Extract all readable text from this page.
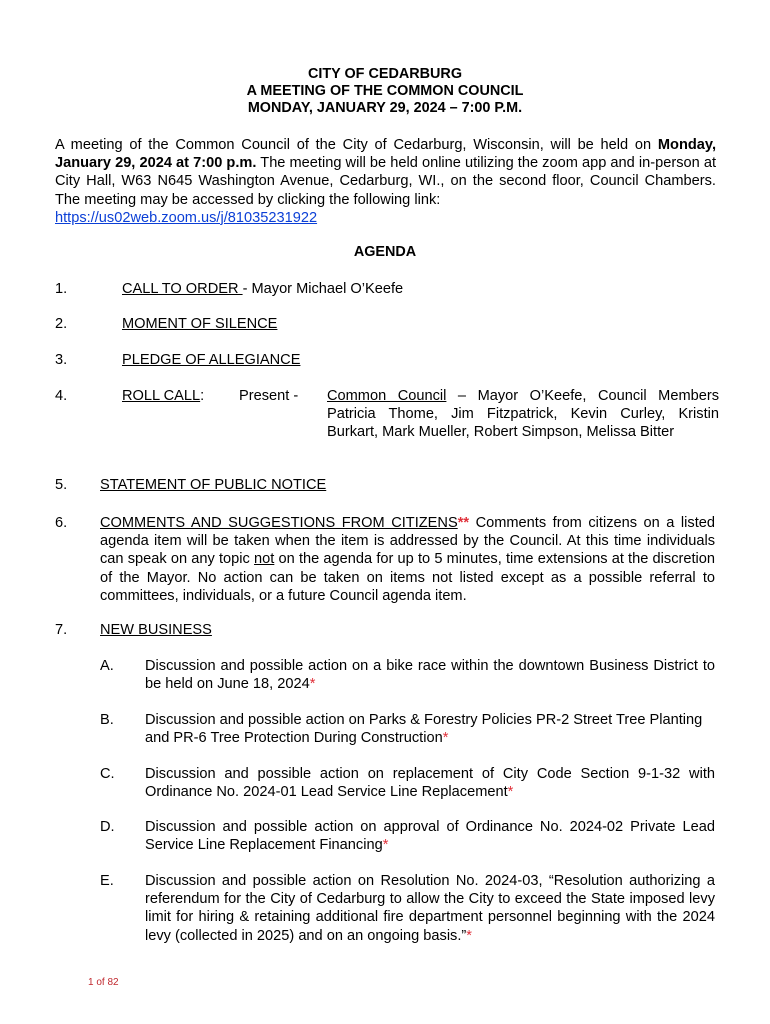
CITY OF CEDARBURG
A MEETING OF THE COMMON COUNCIL
MONDAY, JANUARY 29, 2024 – 7:00 P.M.
A meeting of the Common Council of the City of Cedarburg, Wisconsin, will be held on Monday, January 29, 2024 at 7:00 p.m. The meeting will be held online utilizing the zoom app and in-person at City Hall, W63 N645 Washington Avenue, Cedarburg, WI., on the second floor, Council Chambers. The meeting may be accessed by clicking the following link:
https://us02web.zoom.us/j/81035231922
AGENDA
1.	CALL TO ORDER - Mayor Michael O’Keefe
2.	MOMENT OF SILENCE
3.	PLEDGE OF ALLEGIANCE
4.	ROLL CALL: Present - Common Council – Mayor O’Keefe, Council Members Patricia Thome, Jim Fitzpatrick, Kevin Curley, Kristin Burkart, Mark Mueller, Robert Simpson, Melissa Bitter
5. STATEMENT OF PUBLIC NOTICE
6. COMMENTS AND SUGGESTIONS FROM CITIZENS** Comments from citizens on a listed agenda item will be taken when the item is addressed by the Council. At this time individuals can speak on any topic not on the agenda for up to 5 minutes, time extensions at the discretion of the Mayor. No action can be taken on items not listed except as a possible referral to committees, individuals, or a future Council agenda item.
7. NEW BUSINESS
A. Discussion and possible action on a bike race within the downtown Business District to be held on June 18, 2024*
B. Discussion and possible action on Parks & Forestry Policies PR-2 Street Tree Planting and PR-6 Tree Protection During Construction*
C. Discussion and possible action on replacement of City Code Section 9-1-32 with Ordinance No. 2024-01 Lead Service Line Replacement*
D. Discussion and possible action on approval of Ordinance No. 2024-02 Private Lead Service Line Replacement Financing*
E. Discussion and possible action on Resolution No. 2024-03, “Resolution authorizing a referendum for the City of Cedarburg to allow the City to exceed the State imposed levy limit for hiring & retaining additional fire department personnel beginning with the 2024 levy (collected in 2025) and on an ongoing basis.”*
1 of 82
